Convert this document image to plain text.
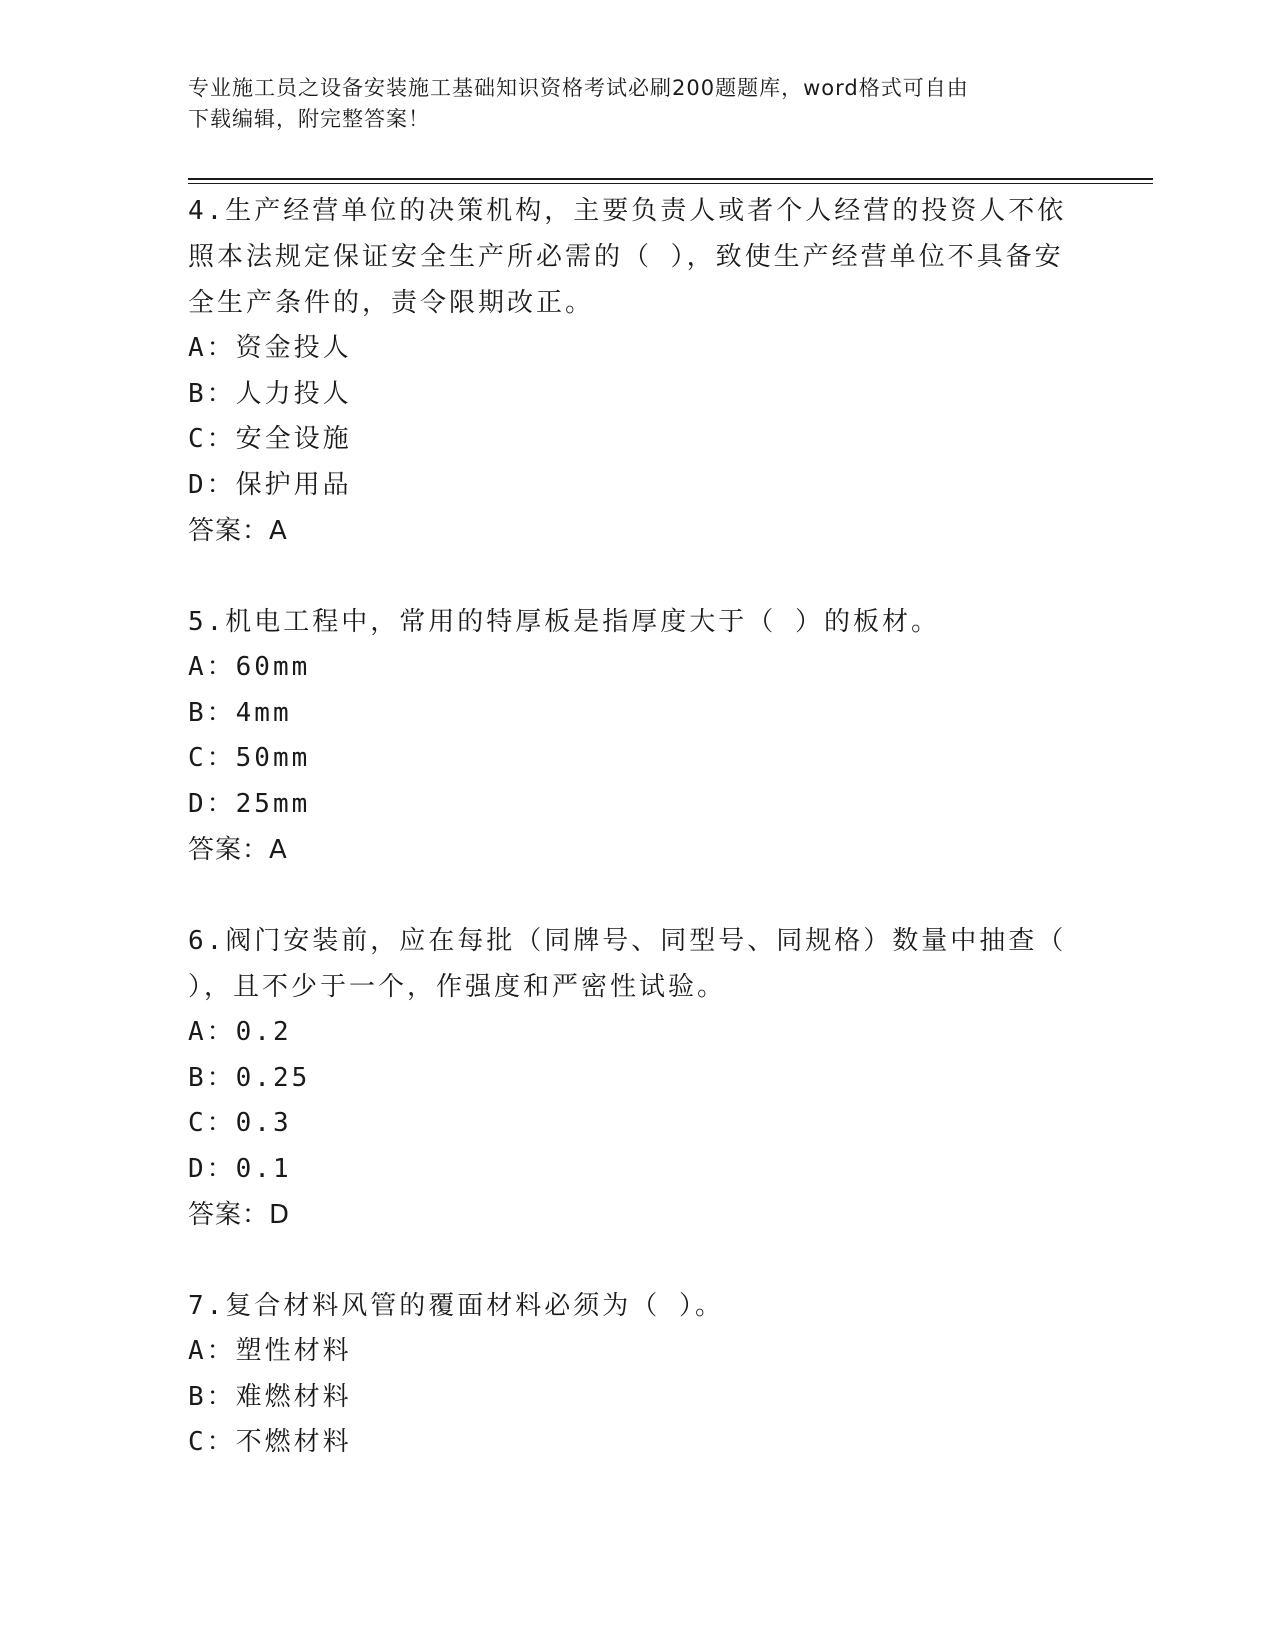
专业施工员之设备安装施工基础知识资格考试必刷200题题库，word格式可自由
下载编辑，附完整答案！
4.生产经营单位的决策机构，主要负责人或者个人经营的投资人不依照本法规定保证安全生产所必需的（ ），致使生产经营单位不具备安全生产条件的，责令限期改正。
A：资金投人
B：人力投人
C：安全设施
D：保护用品
答案：A
5.机电工程中，常用的特厚板是指厚度大于（ ）的板材。
A：60mm
B：4mm
C：50mm
D：25mm
答案：A
6.阀门安装前，应在每批（同牌号、同型号、同规格）数量中抽查（ ），且不少于一个，作强度和严密性试验。
A：0.2
B：0.25
C：0.3
D：0.1
答案：D
7.复合材料风管的覆面材料必须为（ ）。
A：塑性材料
B：难燃材料
C：不燃材料
